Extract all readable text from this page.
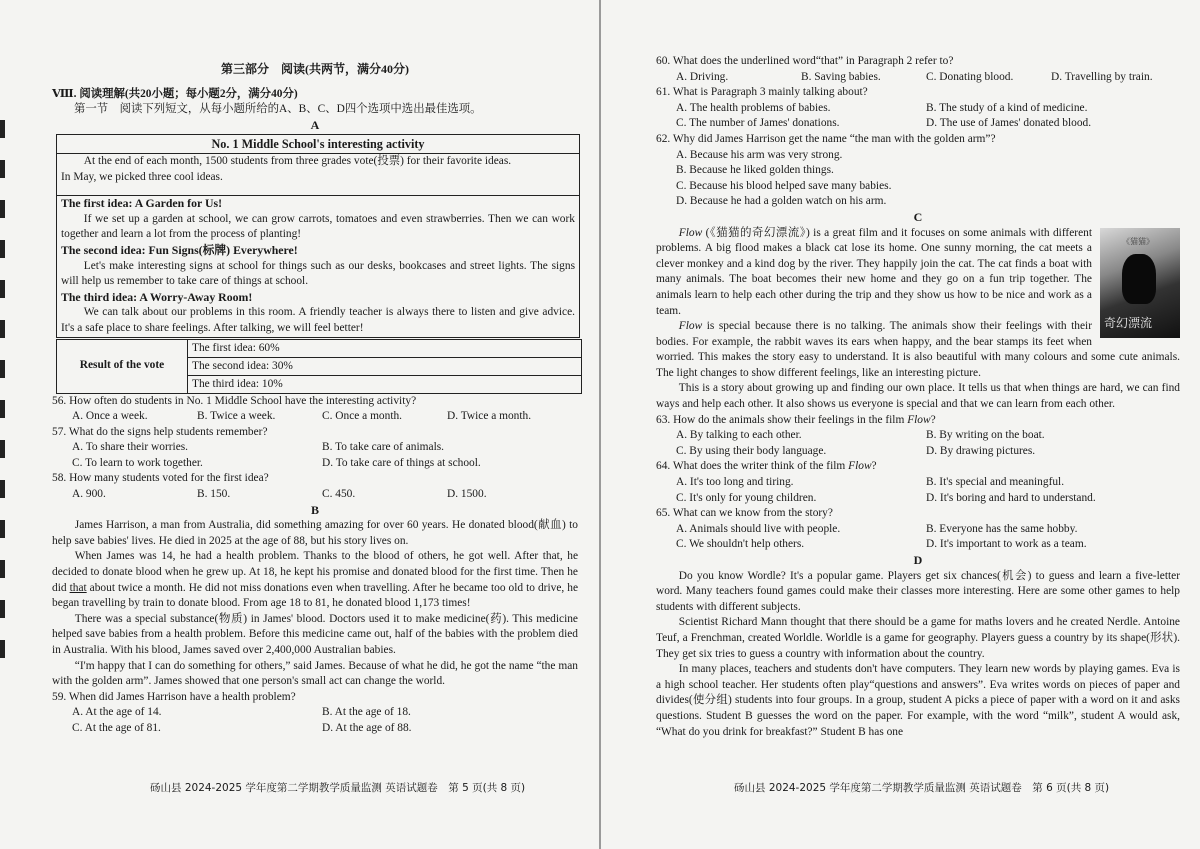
第三部分　阅读(共两节，满分40分)
Ⅷ. 阅读理解(共20小题；每小题2分，满分40分)
第一节　阅读下列短文，从每小题所给的A、B、C、D四个选项中选出最佳选项。
A
No. 1 Middle School's interesting activity

At the end of each month, 1500 students from three grades vote(投票) for their favorite ideas.

In May, we picked three cool ideas.

The first idea: A Garden for Us!

If we set up a garden at school, we can grow carrots, tomatoes and even strawberries. Then we can work together and learn a lot from the process of planting!

The second idea: Fun Signs(标牌) Everywhere!

Let's make interesting signs at school for things such as our desks, bookcases and street lights. The signs will help us remember to take care of things at school.

The third idea: A Worry-Away Room!

We can talk about our problems in this room. A friendly teacher is always there to listen and give advice. It's a safe place to share feelings. After talking, we will feel better!

Result of the vote
The first idea: 60%
The second idea: 30%
The third idea: 10%

56. How often do students in No. 1 Middle School have the interesting activity?

A. Once a week.	B. Twice a week.	C. Once a month.	D. Twice a month.

57. What do the signs help students remember?

A. To share their worries.	B. To take care of animals.
C. To learn to work together.	D. To take care of things at school.

58. How many students voted for the first idea?

A. 900.	B. 150.	C. 450.	D. 1500.
B

James Harrison, a man from Australia, did something amazing for over 60 years. He donated blood(献血) to help save babies' lives. He died in 2025 at the age of 88, but his story lives on.

When James was 14, he had a health problem. Thanks to the blood of others, he got well. After that, he decided to donate blood when he grew up. At 18, he kept his promise and donated blood for the first time. Then he did that about twice a month. He did not miss donations even when travelling. After he became too old to drive, he began travelling by train to donate blood. From age 18 to 81, he donated blood 1,173 times!

There was a special substance(物质) in James' blood. Doctors used it to make medicine(药). This medicine helped save babies from a health problem. Before this medicine came out, half of the babies with the problem died in Australia. With his blood, James saved over 2,400,000 Australian babies.

“I'm happy that I can do something for others,” said James. Because of what he did, he got the name “the man with the golden arm”. James showed that one person's small act can change the world.

59. When did James Harrison have a health problem?

A. At the age of 14.	B. At the age of 18.
C. At the age of 81.	D. At the age of 88.
砀山县 2024-2025 学年度第二学期教学质量监测 英语试题卷　第 5 页(共 8 页)

60. What does the underlined word“that” in Paragraph 2 refer to?

A. Driving.	B. Saving babies.	C. Donating blood.	D. Travelling by train.

61. What is Paragraph 3 mainly talking about?

A. The health problems of babies.	B. The study of a kind of medicine.
C. The number of James' donations.	D. The use of James' donated blood.

62. Why did James Harrison get the name “the man with the golden arm”?

A. Because his arm was very strong.

B. Because he liked golden things.

C. Because his blood helped save many babies.

D. Because he had a golden watch on his arm.

C
《猫猫》
奇幻漂流

Flow (《猫猫的奇幻漂流》) is a great film and it focuses on some animals with different problems. A big flood makes a black cat lose its home. One sunny morning, the cat meets a clever monkey and a kind dog by the river. They happily join the cat. The cat finds a boat with many animals. The boat becomes their new home and they go on a fun trip together. The animals learn to help each other during the trip and they show us how to be nice and work as a team.

Flow is special because there is no talking. The animals show their feelings with their bodies. For example, the rabbit waves its ears when happy, and the bear stamps its feet when worried. This makes the story easy to understand. It is also beautiful with many colours and some cute animals. The light changes to show different feelings, like an interesting picture.

This is a story about growing up and finding our own place. It tells us that when things are hard, we can find ways and help each other. It also shows us everyone is special and that we can learn from each other.

63. How do the animals show their feelings in the film Flow?

A. By talking to each other.	B. By writing on the boat.
C. By using their body language.	D. By drawing pictures.

64. What does the writer think of the film Flow?

A. It's too long and tiring.	B. It's special and meaningful.
C. It's only for young children.	D. It's boring and hard to understand.

65. What can we know from the story?

A. Animals should live with people.	B. Everyone has the same hobby.
C. We shouldn't help others.	D. It's important to work as a team.
D

Do you know Wordle? It's a popular game. Players get six chances(机会) to guess and learn a five-letter word. Many teachers found games could make their classes more interesting. Here are some other games to help students with different subjects.

Scientist Richard Mann thought that there should be a game for maths lovers and he created Nerdle. Antoine Teuf, a Frenchman, created Worldle. Worldle is a game for geography. Players guess a country by its shape(形状). They get six tries to guess a country with information about the country.

In many places, teachers and students don't have computers. They learn new words by playing games. Eva is a high school teacher. Her students often play“questions and answers”. Eva writes words on pieces of paper and divides(使分组) students into four groups. In a group, student A picks a piece of paper with a word on it and asks questions. Student B guesses the word on the paper. For example, with the word “milk”, student A would ask, “What do you drink for breakfast?” Student B has one

砀山县 2024-2025 学年度第二学期教学质量监测 英语试题卷　第 6 页(共 8 页)
